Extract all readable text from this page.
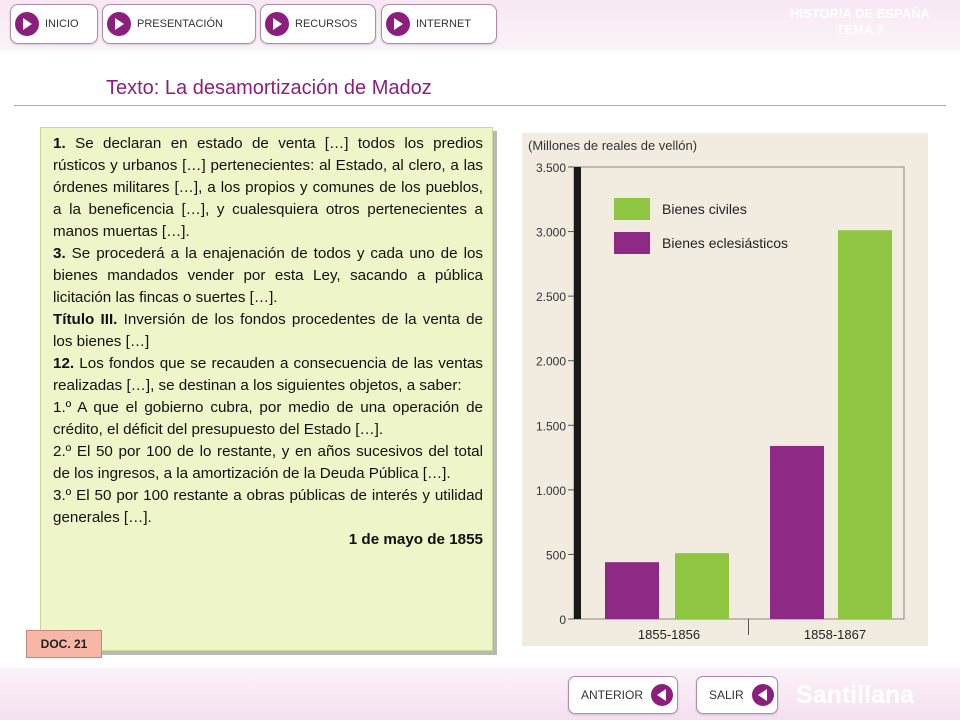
INICIO	PRESENTACIÓN	RECURSOS	INTERNET
HISTORIA DE ESPAÑA
TEMA 7
Texto: La desamortización de Madoz

1. Se declaran en estado de venta […] todos los predios rústicos y urbanos […] pertenecientes: al Estado, al clero, a las órdenes militares […], a los propios y comunes de los pueblos, a la beneficencia […], y cualesquiera otros pertenecientes a manos muertas […].

3. Se procederá a la enajenación de todos y cada uno de los bienes mandados vender por esta Ley, sacando a pública licitación las fincas o suertes […].

Título III. Inversión de los fondos procedentes de la venta de los bienes […]

12. Los fondos que se recauden a consecuencia de las ventas realizadas […], se destinan a los siguientes objetos, a saber:

1.º A que el gobierno cubra, por medio de una operación de crédito, el déficit del presupuesto del Estado […].

2.º El 50 por 100 de lo restante, y en años sucesivos del total de los ingresos, a la amortización de la Deuda Pública […].

3.º El 50 por 100 restante a obras públicas de interés y utilidad generales […].

1 de mayo de 1855

DOC. 21
(Millones de reales de vellón)
0
500
1.000
1.500
2.000
2.500
3.000
3.500
1855-1856	1858-1867
Bienes civiles
Bienes eclesiásticos
ANTERIOR	SALIR Santillana
